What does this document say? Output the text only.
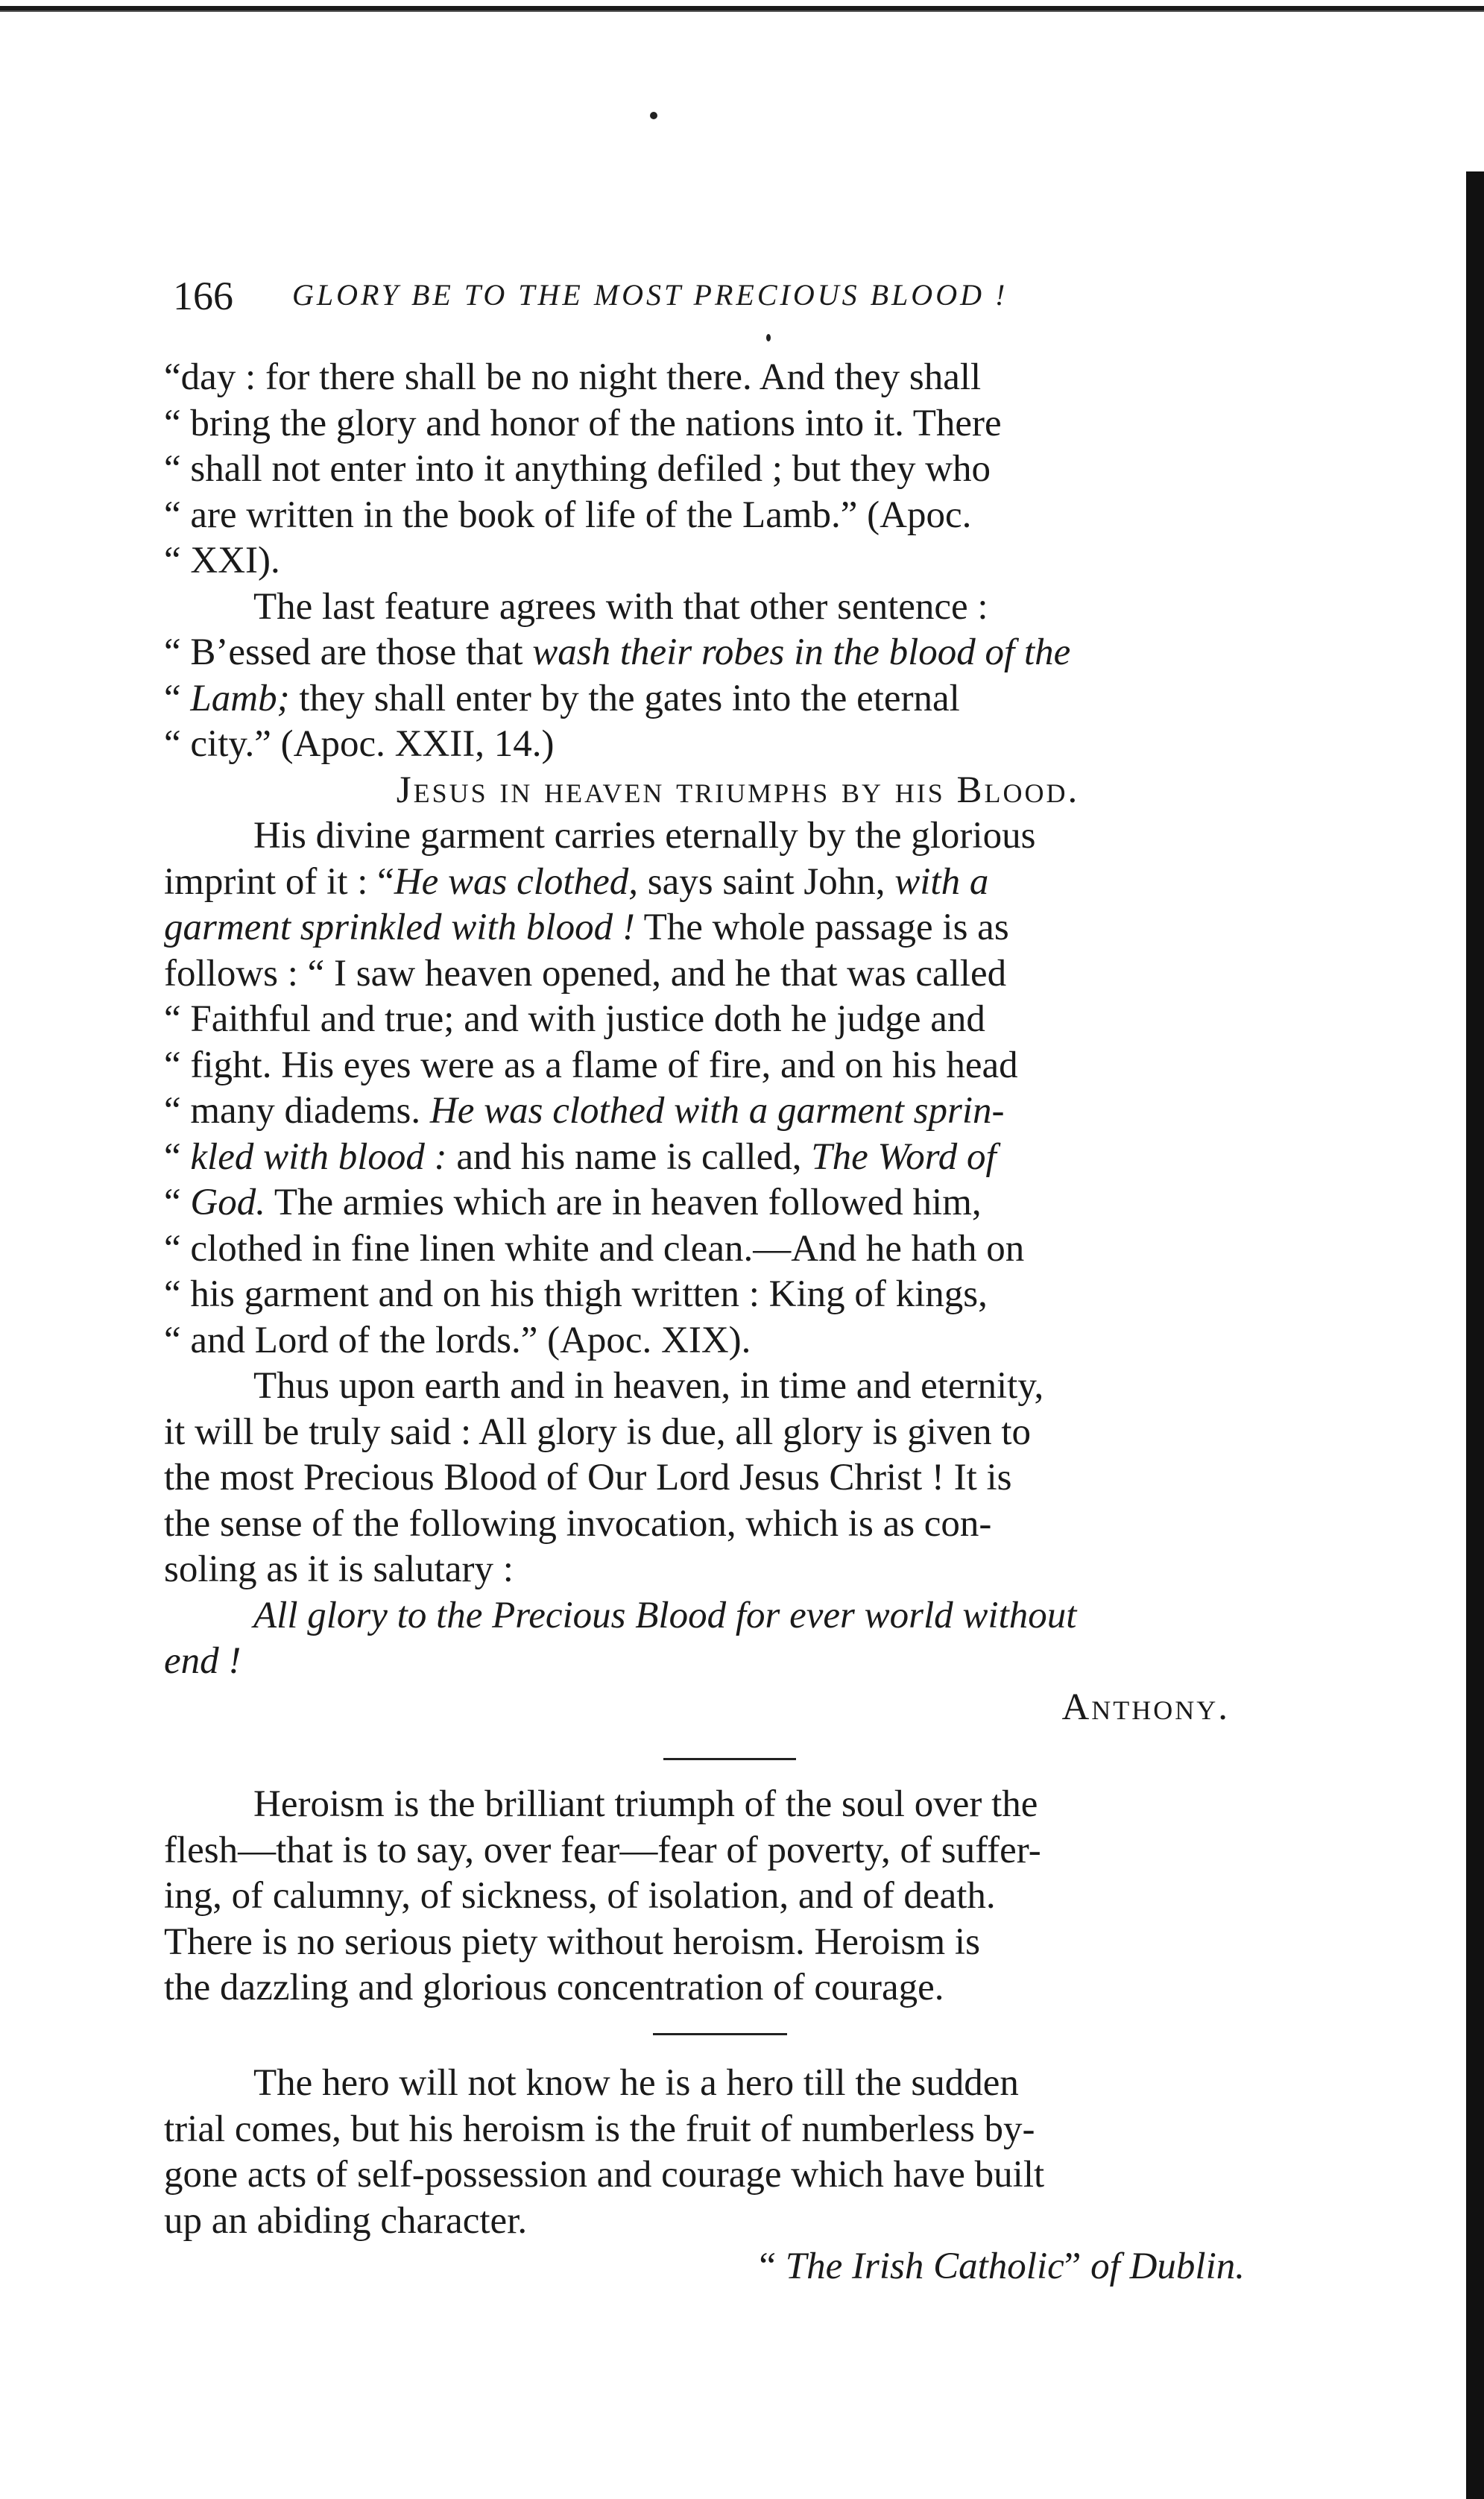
166 GLORY BE TO THE MOST PRECIOUS BLOOD !

“day : for there shall be no night there. And they shall

“ bring the glory and honor of the nations into it. There

“ shall not enter into it anything defiled ; but they who

“ are written in the book of life of the Lamb.” (Apoc.

“ XXI).

The last feature agrees with that other sentence :

“ B’essed are those that wash their robes in the blood of the

“ Lamb; they shall enter by the gates into the eternal

“ city.” (Apoc. XXII, 14.)

Jesus in heaven triumphs by his Blood.

His divine garment carries eternally by the glorious

imprint of it : “He was clothed, says saint John, with a

garment sprinkled with blood ! The whole passage is as

follows : “ I saw heaven opened, and he that was called

“ Faithful and true; and with justice doth he judge and

“ fight. His eyes were as a flame of fire, and on his head

“ many diadems. He was clothed with a garment sprin-

“ kled with blood : and his name is called, The Word of

“ God. The armies which are in heaven followed him,

“ clothed in fine linen white and clean.—And he hath on

“ his garment and on his thigh written : King of kings,

“ and Lord of the lords.” (Apoc. XIX).

Thus upon earth and in heaven, in time and eternity,

it will be truly said : All glory is due, all glory is given to

the most Precious Blood of Our Lord Jesus Christ ! It is

the sense of the following invocation, which is as con-

soling as it is salutary :

All glory to the Precious Blood for ever world without

end !

Anthony.

Heroism is the brilliant triumph of the soul over the

flesh—that is to say, over fear—fear of poverty, of suffer-

ing, of calumny, of sickness, of isolation, and of death.

There is no serious piety without heroism. Heroism is

the dazzling and glorious concentration of courage.

The hero will not know he is a hero till the sudden

trial comes, but his heroism is the fruit of numberless by-

gone acts of self-possession and courage which have built

up an abiding character.

“ The Irish Catholic” of Dublin.
